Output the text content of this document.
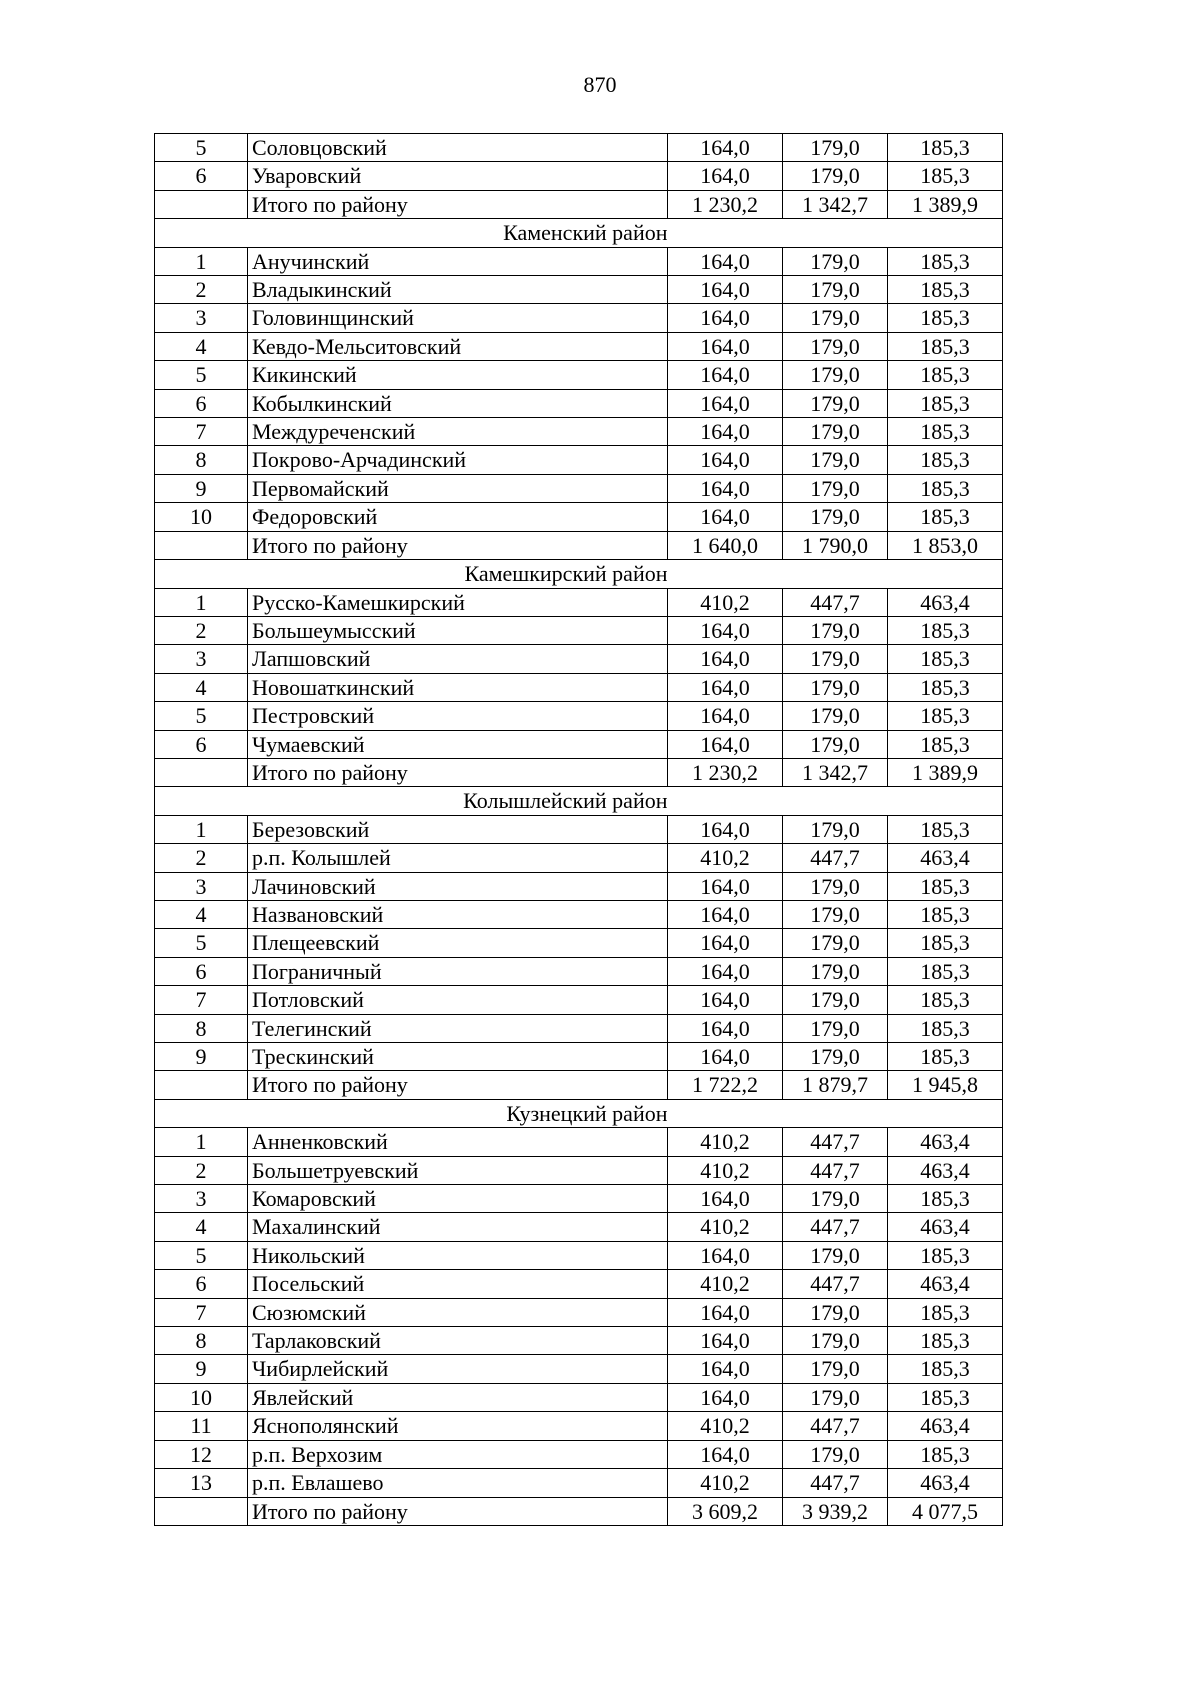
870
5	Соловцовский	164,0	179,0	185,3
6	Уваровский	164,0	179,0	185,3
	Итого по району	1 230,2	1 342,7	1 389,9
Каменский район				
1	Анучинский	164,0	179,0	185,3
2	Владыкинский	164,0	179,0	185,3
3	Головинщинский	164,0	179,0	185,3
4	Кевдо-Мельситовский	164,0	179,0	185,3
5	Кикинский	164,0	179,0	185,3
6	Кобылкинский	164,0	179,0	185,3
7	Междуреченский	164,0	179,0	185,3
8	Покрово-Арчадинский	164,0	179,0	185,3
9	Первомайский	164,0	179,0	185,3
10	Федоровский	164,0	179,0	185,3
	Итого по району	1 640,0	1 790,0	1 853,0
Камешкирский район				
1	Русско-Камешкирский	410,2	447,7	463,4
2	Большеумысский	164,0	179,0	185,3
3	Лапшовский	164,0	179,0	185,3
4	Новошаткинский	164,0	179,0	185,3
5	Пестровский	164,0	179,0	185,3
6	Чумаевский	164,0	179,0	185,3
	Итого по району	1 230,2	1 342,7	1 389,9
Колышлейский район				
1	Березовский	164,0	179,0	185,3
2	р.п. Колышлей	410,2	447,7	463,4
3	Лачиновский	164,0	179,0	185,3
4	Названовский	164,0	179,0	185,3
5	Плещеевский	164,0	179,0	185,3
6	Пограничный	164,0	179,0	185,3
7	Потловский	164,0	179,0	185,3
8	Телегинский	164,0	179,0	185,3
9	Трескинский	164,0	179,0	185,3
	Итого по району	1 722,2	1 879,7	1 945,8
Кузнецкий район				
1	Анненковский	410,2	447,7	463,4
2	Большетруевский	410,2	447,7	463,4
3	Комаровский	164,0	179,0	185,3
4	Махалинский	410,2	447,7	463,4
5	Никольский	164,0	179,0	185,3
6	Посельский	410,2	447,7	463,4
7	Сюзюмский	164,0	179,0	185,3
8	Тарлаковский	164,0	179,0	185,3
9	Чибирлейский	164,0	179,0	185,3
10	Явлейский	164,0	179,0	185,3
11	Яснополянский	410,2	447,7	463,4
12	р.п. Верхозим	164,0	179,0	185,3
13	р.п. Евлашево	410,2	447,7	463,4
	Итого по району	3 609,2	3 939,2	4 077,5
